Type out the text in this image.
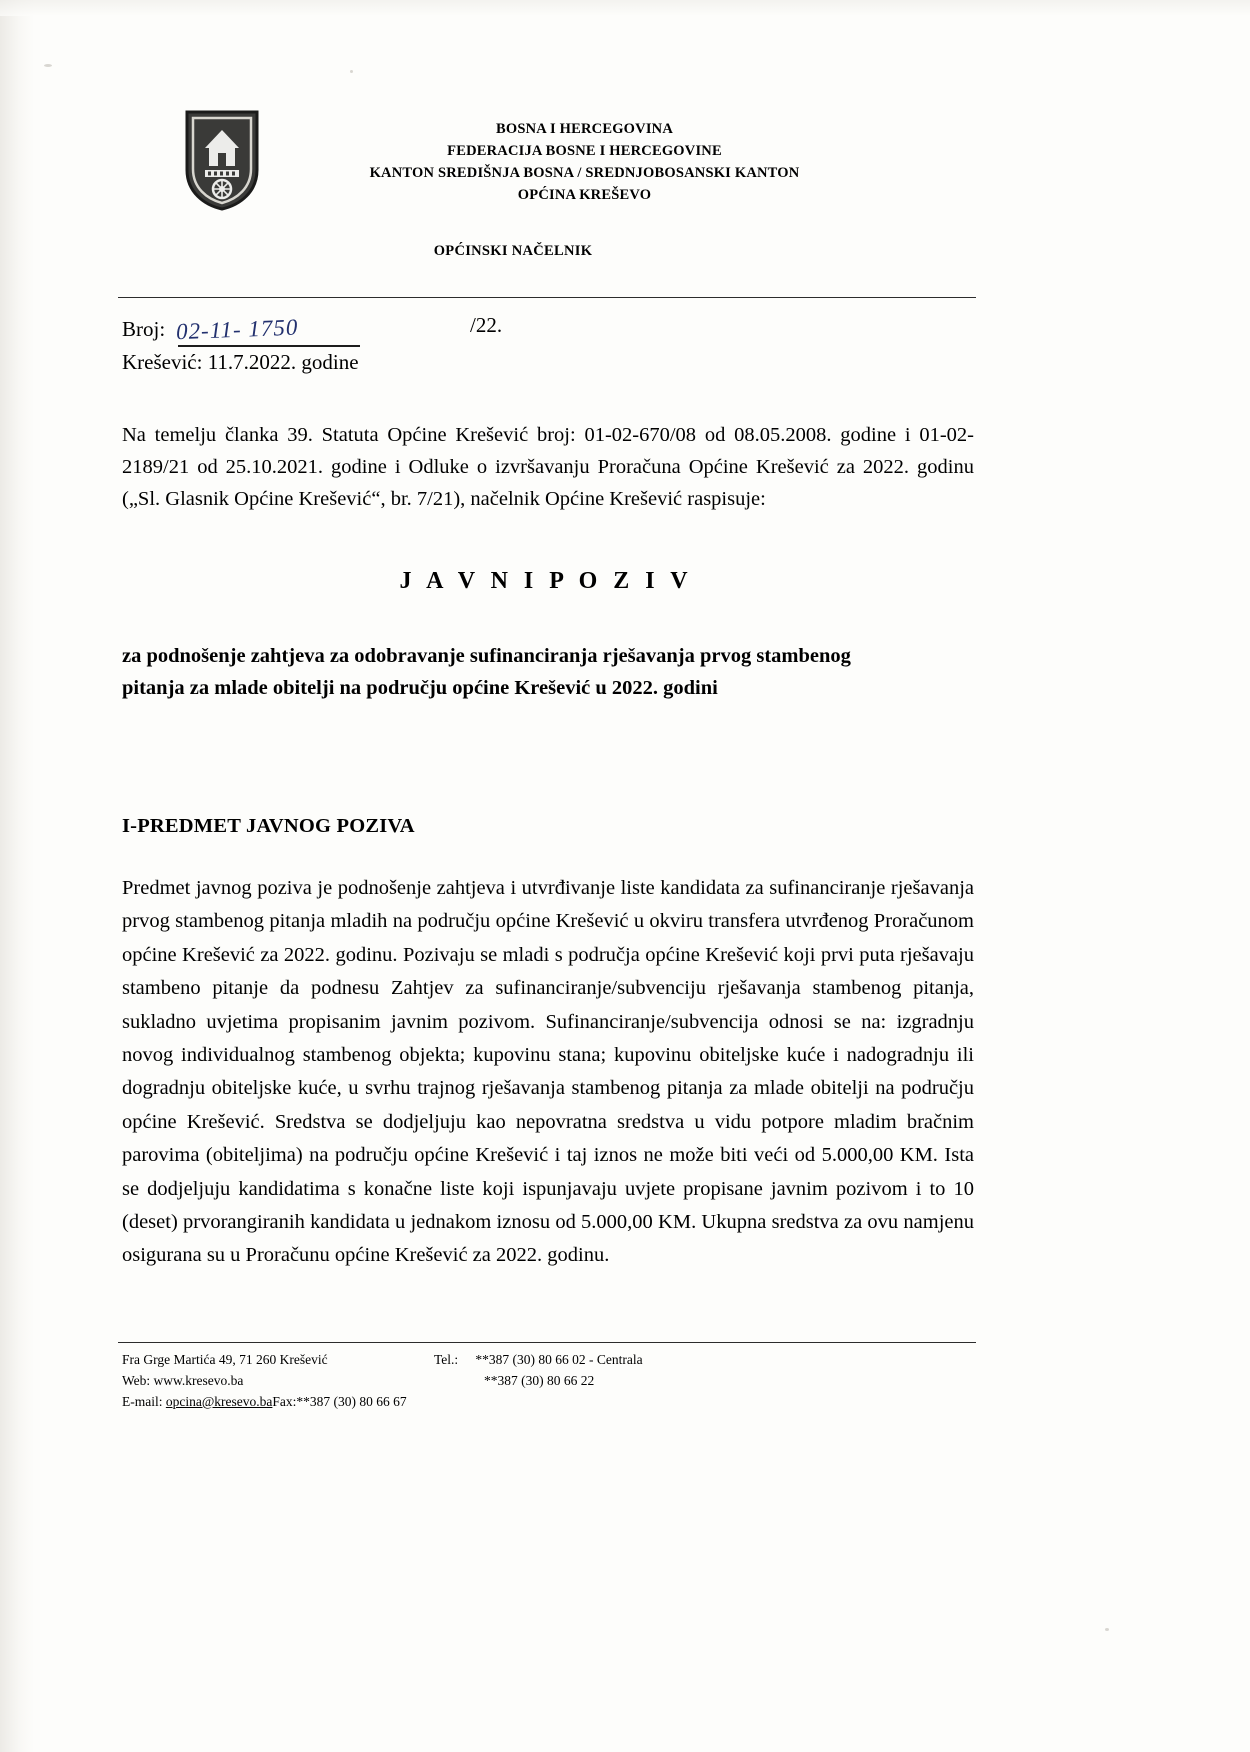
BOSNA I HERCEGOVINA
FEDERACIJA BOSNE I HERCEGOVINE
KANTON SREDIŠNJA BOSNA / SREDNJOBOSANSKI KANTON
OPĆINA KREŠEVO
OPĆINSKI NAČELNIK
Broj: 02-11- 1750	/22.
Krešević: 11.7.2022. godine
Na temelju članka 39. Statuta Općine Krešević broj: 01-02-670/08 od 08.05.2008. godine i 01-02-2189/21 od 25.10.2021. godine i Odluke o izvršavanju Proračuna Općine Krešević za 2022. godinu („Sl. Glasnik Općine Krešević“, br. 7/21), načelnik Općine Krešević raspisuje:
J A V N I P O Z I V
za podnošenje zahtjeva za odobravanje sufinanciranja rješavanja prvog stambenog
pitanja za mlade obitelji na području općine Krešević u 2022. godini
I-PREDMET JAVNOG POZIVA
Predmet javnog poziva je podnošenje zahtjeva i utvrđivanje liste kandidata za sufinanciranje rješavanja prvog stambenog pitanja mladih na području općine Krešević u okviru transfera utvrđenog Proračunom općine Krešević za 2022. godinu. Pozivaju se mladi s područja općine Krešević koji prvi puta rješavaju stambeno pitanje da podnesu Zahtjev za sufinanciranje/subvenciju rješavanja stambenog pitanja, sukladno uvjetima propisanim javnim pozivom. Sufinanciranje/subvencija odnosi se na: izgradnju novog individualnog stambenog objekta; kupovinu stana; kupovinu obiteljske kuće i nadogradnju ili dogradnju obiteljske kuće, u svrhu trajnog rješavanja stambenog pitanja za mlade obitelji na području općine Krešević. Sredstva se dodjeljuju kao nepovratna sredstva u vidu potpore mladim bračnim parovima (obiteljima) na području općine Krešević i taj iznos ne može biti veći od 5.000,00 KM. Ista se dodjeljuju kandidatima s konačne liste koji ispunjavaju uvjete propisane javnim pozivom i to 10 (deset) prvorangiranih kandidata u jednakom iznosu od 5.000,00 KM. Ukupna sredstva za ovu namjenu osigurana su u Proračunu općine Krešević za 2022. godinu.
Fra Grge Martića 49, 71 260 Krešević
Web: www.kresevo.ba
E-mail: opcina@kresevo.baFax:**387 (30) 80 66 67
Tel.: **387 (30) 80 66 02 - Centrala
**387 (30) 80 66 22
